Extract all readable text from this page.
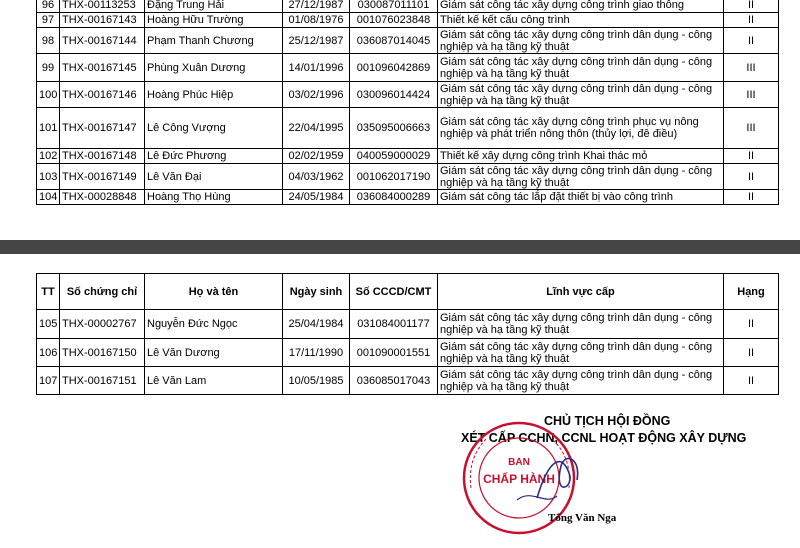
96	THX-00113253	Đặng Trung Hải	27/12/1987	030087011101	Giám sát công tác xây dựng công trình giao thông	II
97	THX-00167143	Hoàng Hữu Trường	01/08/1976	001076023848	Thiết kế kết cấu công trình	II
98	THX-00167144	Phạm Thanh Chương	25/12/1987	036087014045	Giám sát công tác xây dựng công trình dân dụng - công nghiệp và hạ tầng kỹ thuật	II
99	THX-00167145	Phùng Xuân Dương	14/01/1996	001096042869	Giám sát công tác xây dựng công trình dân dụng - công nghiệp và hạ tầng kỹ thuật	III
100	THX-00167146	Hoàng Phúc Hiệp	03/02/1996	030096014424	Giám sát công tác xây dựng công trình dân dụng - công nghiệp và hạ tầng kỹ thuật	III
101	THX-00167147	Lê Công Vượng	22/04/1995	035095006663	Giám sát công tác xây dựng công trình phục vụ nông nghiệp và phát triển nông thôn (thủy lợi, đê điều)	III
102	THX-00167148	Lê Đức Phương	02/02/1959	040059000029	Thiết kế xây dựng công trình Khai thác mỏ	II
103	THX-00167149	Lê Văn Đại	04/03/1962	001062017190	Giám sát công tác xây dựng công trình dân dụng - công nghiệp và hạ tầng kỹ thuật	II
104	THX-00028848	Hoàng Thọ Hùng	24/05/1984	036084000289	Giám sát công tác lắp đặt thiết bị vào công trình	II
TT	Số chứng chỉ	Họ và tên	Ngày sinh	Số CCCD/CMT	Lĩnh vực cấp	Hạng
105	THX-00002767	Nguyễn Đức Ngọc	25/04/1984	031084001177	Giám sát công tác xây dựng công trình dân dụng - công nghiệp và hạ tầng kỹ thuật	II
106	THX-00167150	Lê Văn Dương	17/11/1990	001090001551	Giám sát công tác xây dựng công trình dân dụng - công nghiệp và hạ tầng kỹ thuật	II
107	THX-00167151	Lê Văn Lam	10/05/1985	036085017043	Giám sát công tác xây dựng công trình dân dụng - công nghiệp và hạ tầng kỹ thuật	II
CHỦ TỊCH HỘI ĐỒNG
XÉT CẤP CCHN, CCNL HOẠT ĐỘNG XÂY DỰNG
BAN
CHẤP HÀNH
Tống Văn Nga
